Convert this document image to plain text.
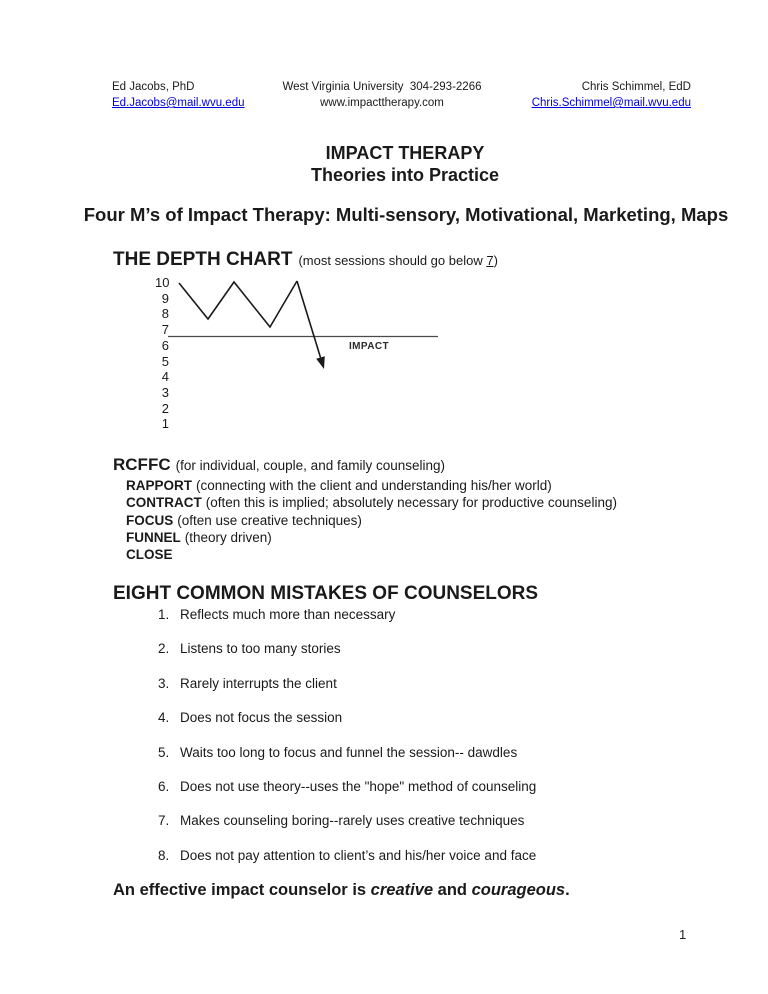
Ed Jacobs, PhD
Ed.Jacobs@mail.wvu.edu
West Virginia University  304-293-2266
www.impacttherapy.com
Chris Schimmel, EdD
Chris.Schimmel@mail.wvu.edu
IMPACT THERAPY
Theories into Practice
Four M’s of Impact Therapy: Multi-sensory, Motivational, Marketing, Maps
THE DEPTH CHART (most sessions should go below 7)
10
9
8
7
6
5
4
3
2
1
IMPACT
RCFFC (for individual, couple, and family counseling)
RAPPORT (connecting with the client and understanding his/her world)
CONTRACT (often this is implied; absolutely necessary for productive counseling)
FOCUS (often use creative techniques)
FUNNEL (theory driven)
CLOSE
EIGHT COMMON MISTAKES OF COUNSELORS
1. Reflects much more than necessary
2. Listens to too many stories
3. Rarely interrupts the client
4. Does not focus the session
5. Waits too long to focus and funnel the session-- dawdles
6. Does not use theory--uses the "hope" method of counseling
7. Makes counseling boring--rarely uses creative techniques
8. Does not pay attention to client’s and his/her voice and face
An effective impact counselor is creative and courageous.
1
